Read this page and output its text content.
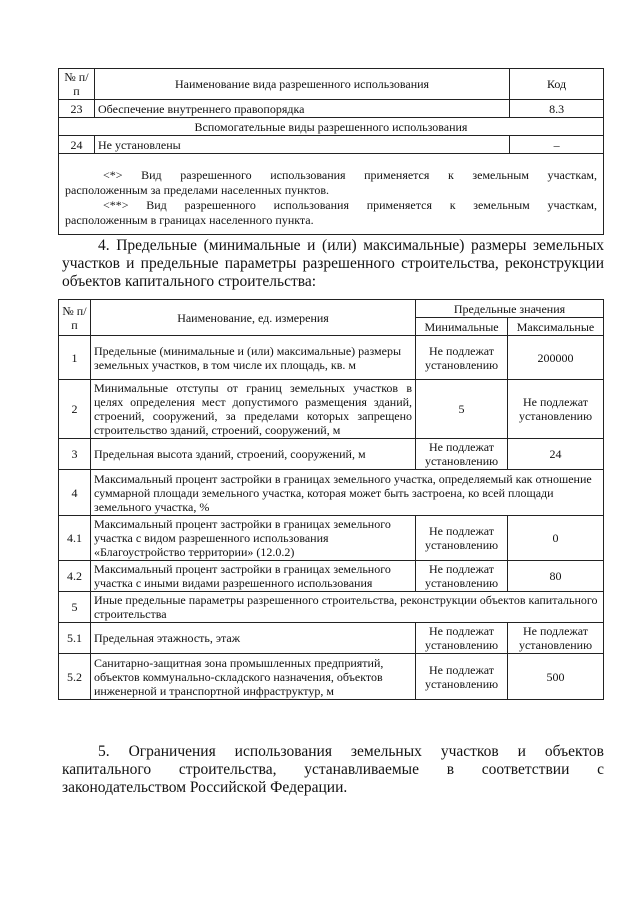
№ п/п	Наименование вида разрешенного использования	Код
23	Обеспечение внутреннего правопорядка	8.3
Вспомогательные виды разрешенного использования		
24	Не установлены	–

<*> Вид разрешенного использования применяется к земельным участкам,
расположенным за пределами населенных пунктов.
<**> Вид разрешенного использования применяется к земельным участкам,
расположенным в границах населенного пункта.		

4. Предельные (минимальные и (или) максимальные) размеры земельных участков и предельные параметры разрешенного строительства, реконструкции объектов капитального строительства:

№ п/п	Наименование, ед. измерения	Предельные значения	
		Минимальные	Максимальные
1	Предельные (минимальные и (или) максимальные) размеры земельных участков, в том числе их площадь, кв. м	Не подлежат установлению	200000
2	Минимальные отступы от границ земельных участков в целях определения мест допустимого размещения зданий, строений, сооружений, за пределами которых запрещено строительство зданий, строений, сооружений, м	5	Не подлежат установлению
3	Предельная высота зданий, строений, сооружений, м	Не подлежат установлению	24
4	Максимальный процент застройки в границах земельного участка, определяемый как отношение суммарной площади земельного участка, которая может быть застроена, ко всей площади земельного участка, %		
4.1	Максимальный процент застройки в границах земельного участка с видом разрешенного использования «Благоустройство территории» (12.0.2)	Не подлежат установлению	0
4.2	Максимальный процент застройки в границах земельного участка с иными видами разрешенного использования	Не подлежат установлению	80
5	Иные предельные параметры разрешенного строительства, реконструкции объектов капитального строительства		
5.1	Предельная этажность, этаж	Не подлежат установлению	Не подлежат установлению
5.2	Санитарно-защитная зона промышленных предприятий, объектов коммунально-складского назначения, объектов инженерной и транспортной инфраструктур, м	Не подлежат установлению	500

5. Ограничения использования земельных участков и объектов капитального строительства, устанавливаемые в соответствии с законодательством Российской Федерации.
